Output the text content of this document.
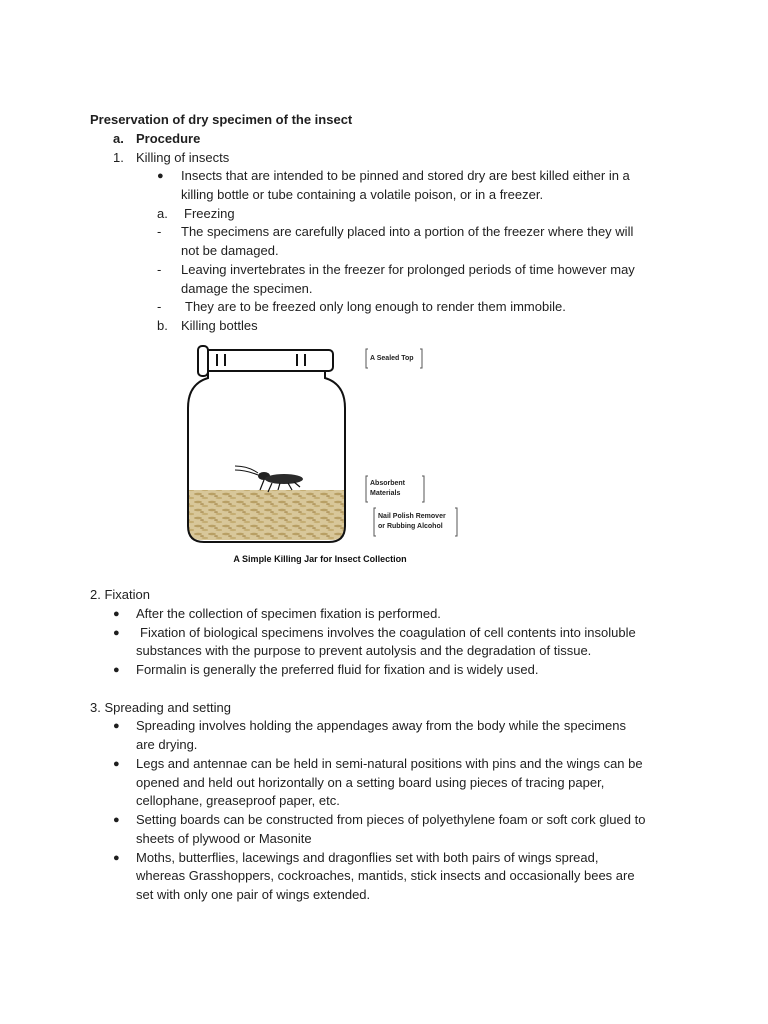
Preservation of dry specimen of the insect
a. Procedure
1. Killing of insects
● Insects that are intended to be pinned and stored dry are best killed either in a
killing bottle or tube containing a volatile poison, or in a freezer.
a. Freezing
- The specimens are carefully placed into a portion of the freezer where they will
not be damaged.
- Leaving invertebrates in the freezer for prolonged periods of time however may
damage the specimen.
- They are to be freezed only long enough to render them immobile.
b. Killing bottles
A Sealed Top
Absorbent
Materials
Nail Polish Remover
or Rubbing Alcohol
A Simple Killing Jar for Insect Collection
2. Fixation
● After the collection of specimen fixation is performed.
● Fixation of biological specimens involves the coagulation of cell contents into insoluble
substances with the purpose to prevent autolysis and the degradation of tissue.
● Formalin is generally the preferred fluid for fixation and is widely used.
3. Spreading and setting
● Spreading involves holding the appendages away from the body while the specimens
are drying.
● Legs and antennae can be held in semi-natural positions with pins and the wings can be
opened and held out horizontally on a setting board using pieces of tracing paper,
cellophane, greaseproof paper, etc.
● Setting boards can be constructed from pieces of polyethylene foam or soft cork glued to
sheets of plywood or Masonite
● Moths, butterflies, lacewings and dragonflies set with both pairs of wings spread,
whereas Grasshoppers, cockroaches, mantids, stick insects and occasionally bees are
set with only one pair of wings extended.
